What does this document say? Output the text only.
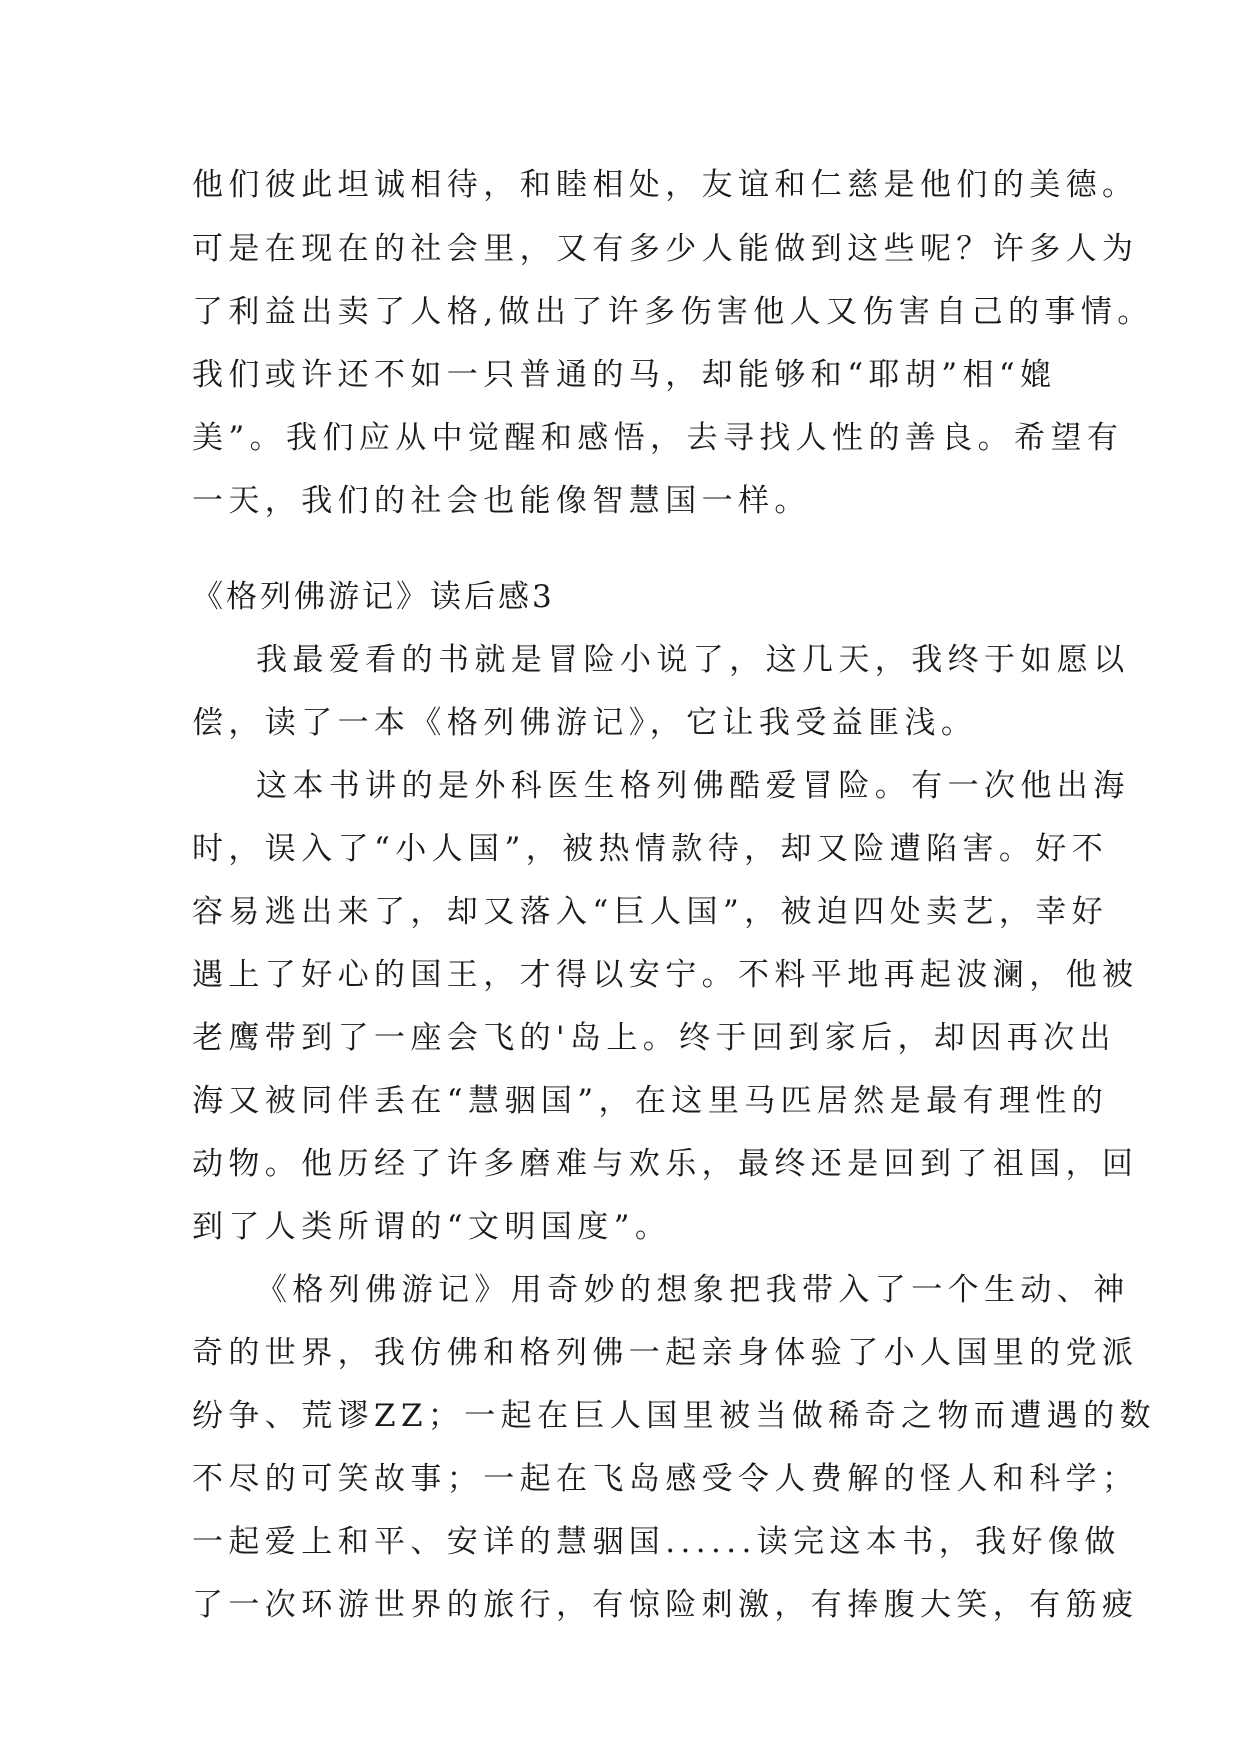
他们彼此坦诚相待，和睦相处，友谊和仁慈是他们的美德。
可是在现在的社会里，又有多少人能做到这些呢？许多人为
了利益出卖了人格,做出了许多伤害他人又伤害自己的事情。
我们或许还不如一只普通的马，却能够和“耶胡”相“媲
美”。我们应从中觉醒和感悟，去寻找人性的善良。希望有
一天，我们的社会也能像智慧国一样。
《格列佛游记》读后感3
我最爱看的书就是冒险小说了，这几天，我终于如愿以
偿，读了一本《格列佛游记》，它让我受益匪浅。
这本书讲的是外科医生格列佛酷爱冒险。有一次他出海
时，误入了“小人国”，被热情款待，却又险遭陷害。好不
容易逃出来了，却又落入“巨人国”，被迫四处卖艺，幸好
遇上了好心的国王，才得以安宁。不料平地再起波澜，他被
老鹰带到了一座会飞的'岛上。终于回到家后，却因再次出
海又被同伴丢在“慧骃国”，在这里马匹居然是最有理性的
动物。他历经了许多磨难与欢乐，最终还是回到了祖国，回
到了人类所谓的“文明国度”。
《格列佛游记》用奇妙的想象把我带入了一个生动、神
奇的世界，我仿佛和格列佛一起亲身体验了小人国里的党派
纷争、荒谬ZZ；一起在巨人国里被当做稀奇之物而遭遇的数
不尽的可笑故事；一起在飞岛感受令人费解的怪人和科学；
一起爱上和平、安详的慧骃国......读完这本书，我好像做
了一次环游世界的旅行，有惊险刺激，有捧腹大笑，有筋疲
